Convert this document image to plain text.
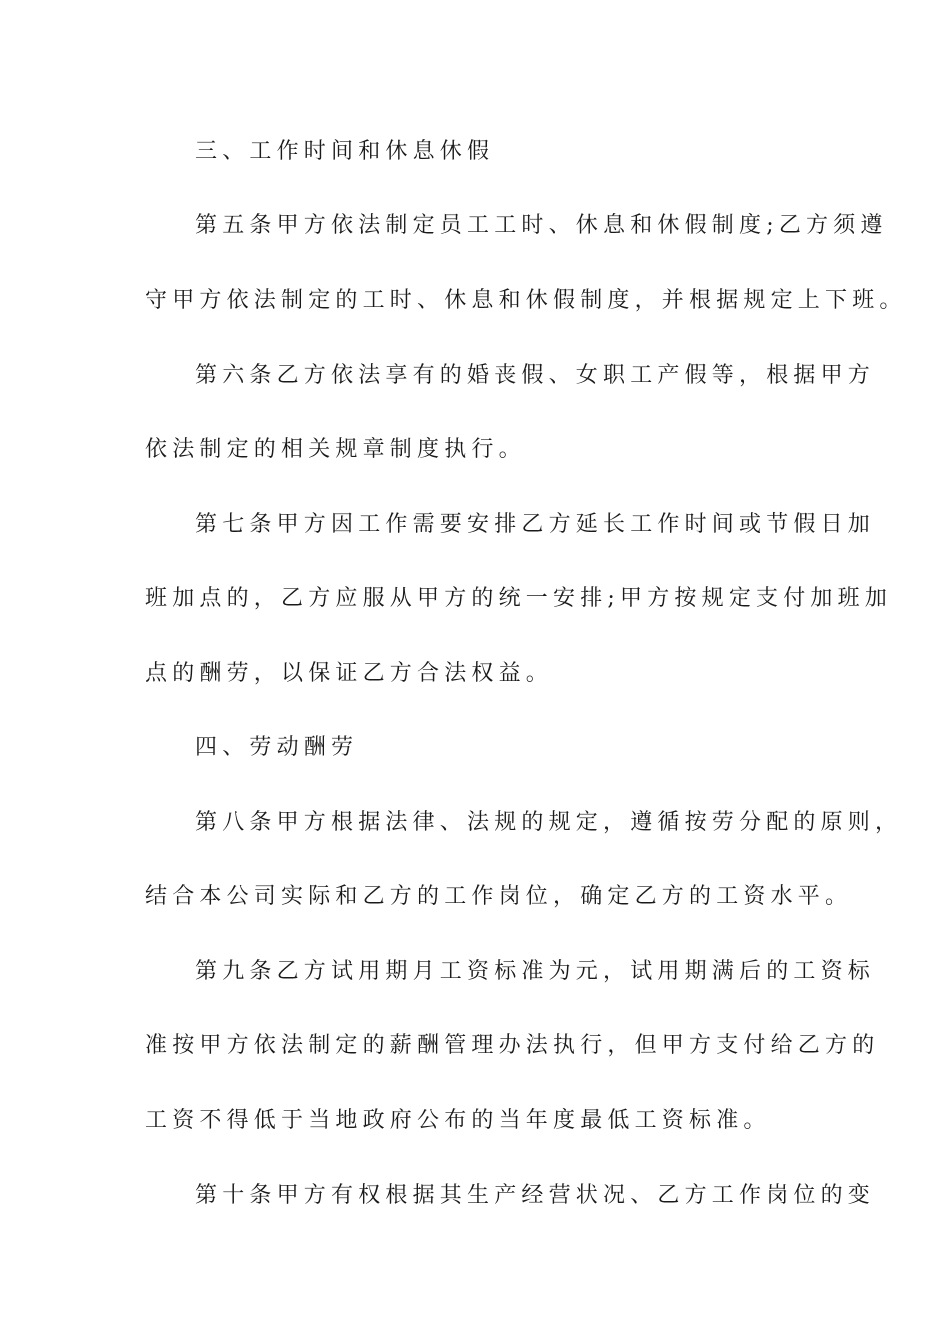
三、工作时间和休息休假
第五条甲方依法制定员工工时、休息和休假制度;乙方须遵
守甲方依法制定的工时、休息和休假制度，并根据规定上下班。
第六条乙方依法享有的婚丧假、女职工产假等，根据甲方
依法制定的相关规章制度执行。
第七条甲方因工作需要安排乙方延长工作时间或节假日加
班加点的，乙方应服从甲方的统一安排;甲方按规定支付加班加
点的酬劳，以保证乙方合法权益。
四、劳动酬劳
第八条甲方根据法律、法规的规定，遵循按劳分配的原则，
结合本公司实际和乙方的工作岗位，确定乙方的工资水平。
第九条乙方试用期月工资标准为元，试用期满后的工资标
准按甲方依法制定的薪酬管理办法执行，但甲方支付给乙方的
工资不得低于当地政府公布的当年度最低工资标准。
第十条甲方有权根据其生产经营状况、乙方工作岗位的变
